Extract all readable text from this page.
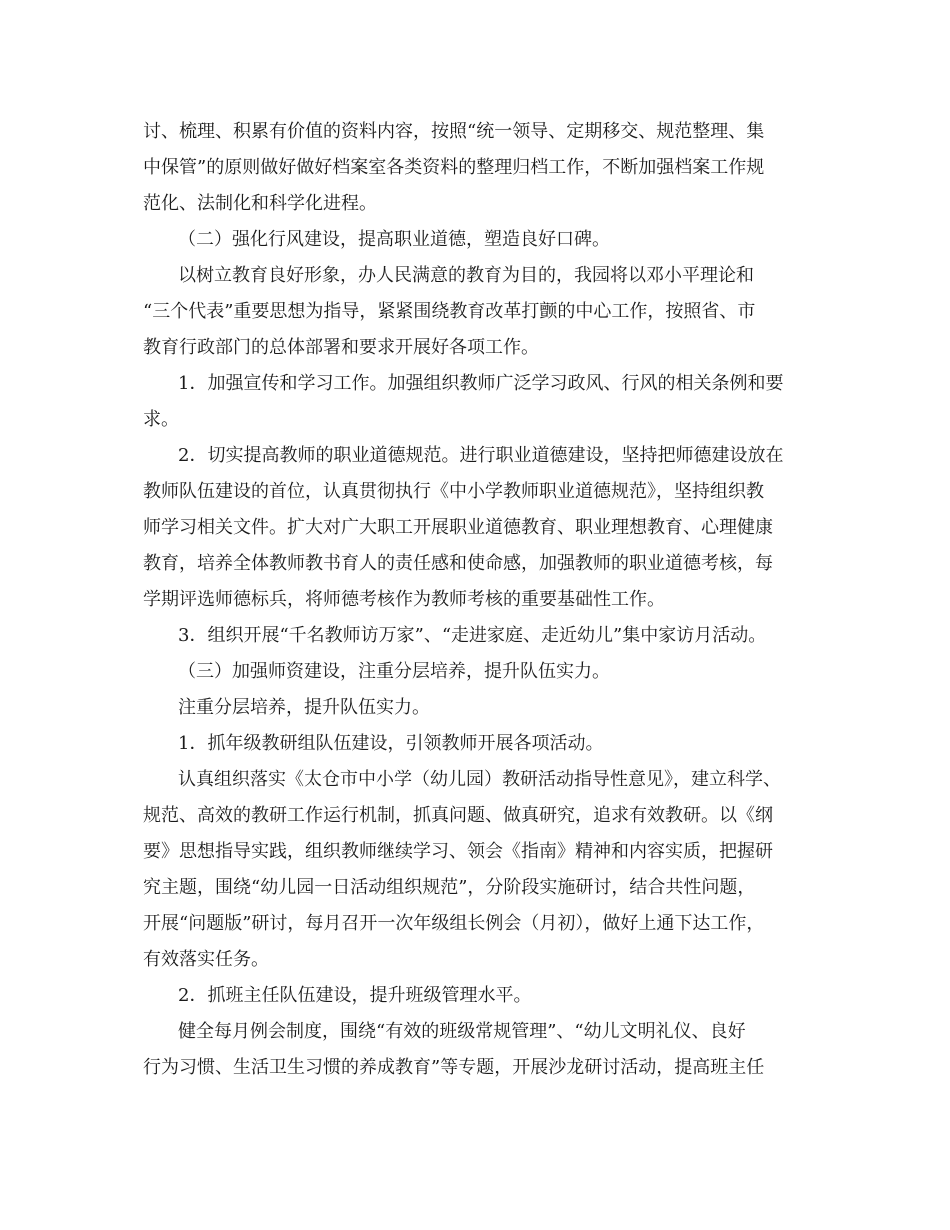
讨、梳理、积累有价值的资料内容，按照“统一领导、定期移交、规范整理、集
中保管”的原则做好做好档案室各类资料的整理归档工作，不断加强档案工作规
范化、法制化和科学化进程。
（二）强化行风建设，提高职业道德，塑造良好口碑。
以树立教育良好形象，办人民满意的教育为目的，我园将以邓小平理论和
“三个代表”重要思想为指导，紧紧围绕教育改革打颤的中心工作，按照省、市
教育行政部门的总体部署和要求开展好各项工作。
1．加强宣传和学习工作。加强组织教师广泛学习政风、行风的相关条例和要
求。
2．切实提高教师的职业道德规范。进行职业道德建设，坚持把师德建设放在
教师队伍建设的首位，认真贯彻执行《中小学教师职业道德规范》，坚持组织教
师学习相关文件。扩大对广大职工开展职业道德教育、职业理想教育、心理健康
教育，培养全体教师教书育人的责任感和使命感，加强教师的职业道德考核，每
学期评选师德标兵，将师德考核作为教师考核的重要基础性工作。
3．组织开展“千名教师访万家”、“走进家庭、走近幼儿”集中家访月活动。
（三）加强师资建设，注重分层培养，提升队伍实力。
注重分层培养，提升队伍实力。
1．抓年级教研组队伍建设，引领教师开展各项活动。
认真组织落实《太仓市中小学（幼儿园）教研活动指导性意见》，建立科学、
规范、高效的教研工作运行机制，抓真问题、做真研究，追求有效教研。以《纲
要》思想指导实践，组织教师继续学习、领会《指南》精神和内容实质，把握研
究主题，围绕“幼儿园一日活动组织规范”，分阶段实施研讨，结合共性问题，
开展“问题版”研讨，每月召开一次年级组长例会（月初），做好上通下达工作，
有效落实任务。
2．抓班主任队伍建设，提升班级管理水平。
健全每月例会制度，围绕“有效的班级常规管理”、“幼儿文明礼仪、良好
行为习惯、生活卫生习惯的养成教育”等专题，开展沙龙研讨活动，提高班主任
